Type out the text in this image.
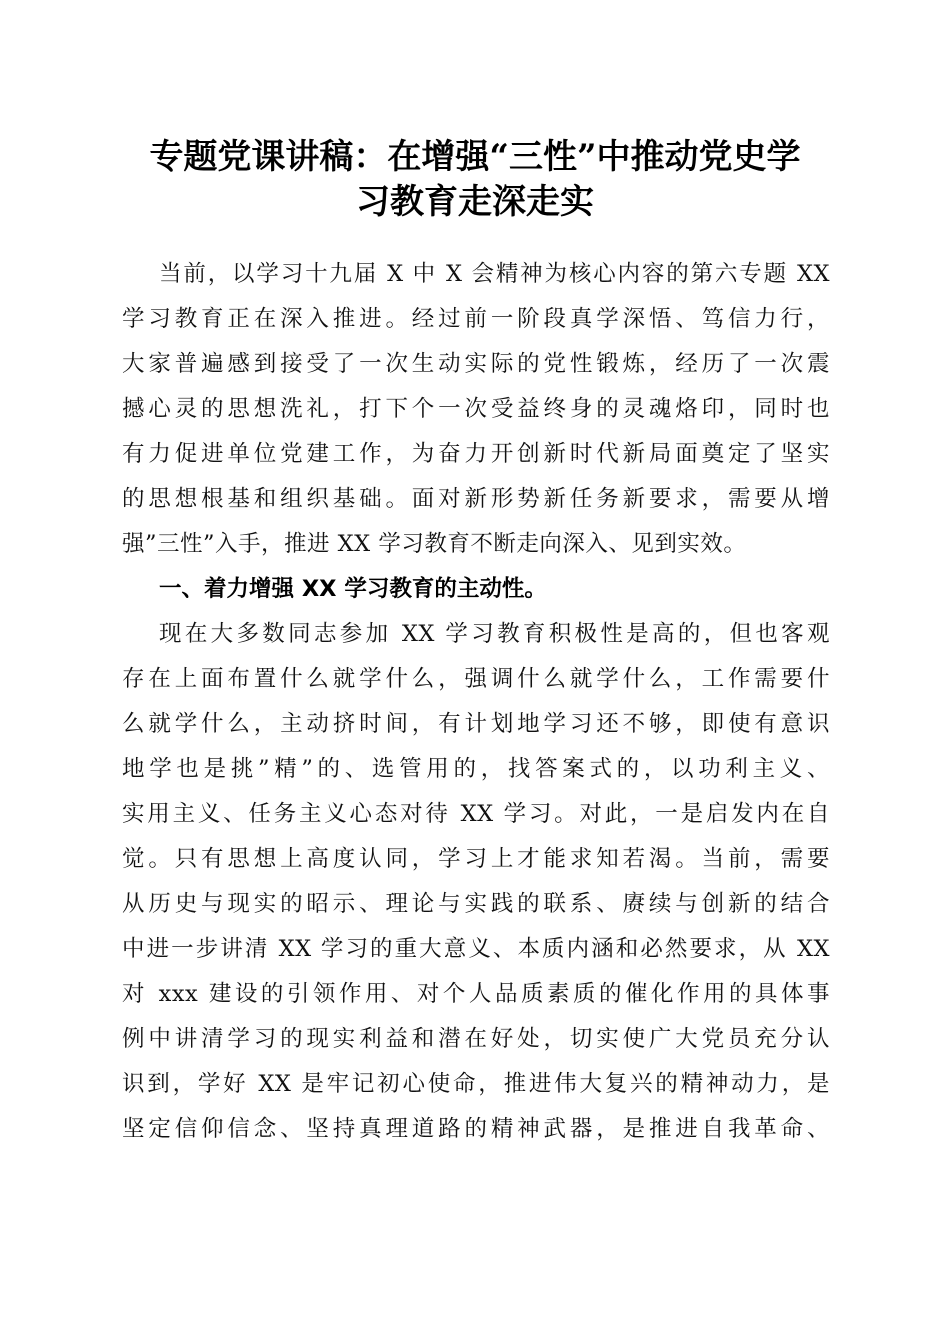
专题党课讲稿：在增强“三性”中推动党史学
习教育走深走实
当前，以学习十九届 X 中 X 会精神为核心内容的第六专题 XX
学习教育正在深入推进。经过前一阶段真学深悟、笃信力行，
大家普遍感到接受了一次生动实际的党性锻炼，经历了一次震
撼心灵的思想洗礼，打下个一次受益终身的灵魂烙印，同时也
有力促进单位党建工作，为奋力开创新时代新局面奠定了坚实
的思想根基和组织基础。面对新形势新任务新要求，需要从增
强”三性”入手，推进 XX 学习教育不断走向深入、见到实效。
一、着力增强 XX 学习教育的主动性。
现在大多数同志参加 XX 学习教育积极性是高的，但也客观
存在上面布置什么就学什么，强调什么就学什么，工作需要什
么就学什么，主动挤时间，有计划地学习还不够，即使有意识
地学也是挑”精”的、选管用的，找答案式的，以功利主义、
实用主义、任务主义心态对待 XX 学习。对此，一是启发内在自
觉。只有思想上高度认同，学习上才能求知若渴。当前，需要
从历史与现实的昭示、理论与实践的联系、赓续与创新的结合
中进一步讲清 XX 学习的重大意义、本质内涵和必然要求，从 XX
对 xxx 建设的引领作用、对个人品质素质的催化作用的具体事
例中讲清学习的现实利益和潜在好处，切实使广大党员充分认
识到，学好 XX 是牢记初心使命，推进伟大复兴的精神动力，是
坚定信仰信念、坚持真理道路的精神武器，是推进自我革命、
